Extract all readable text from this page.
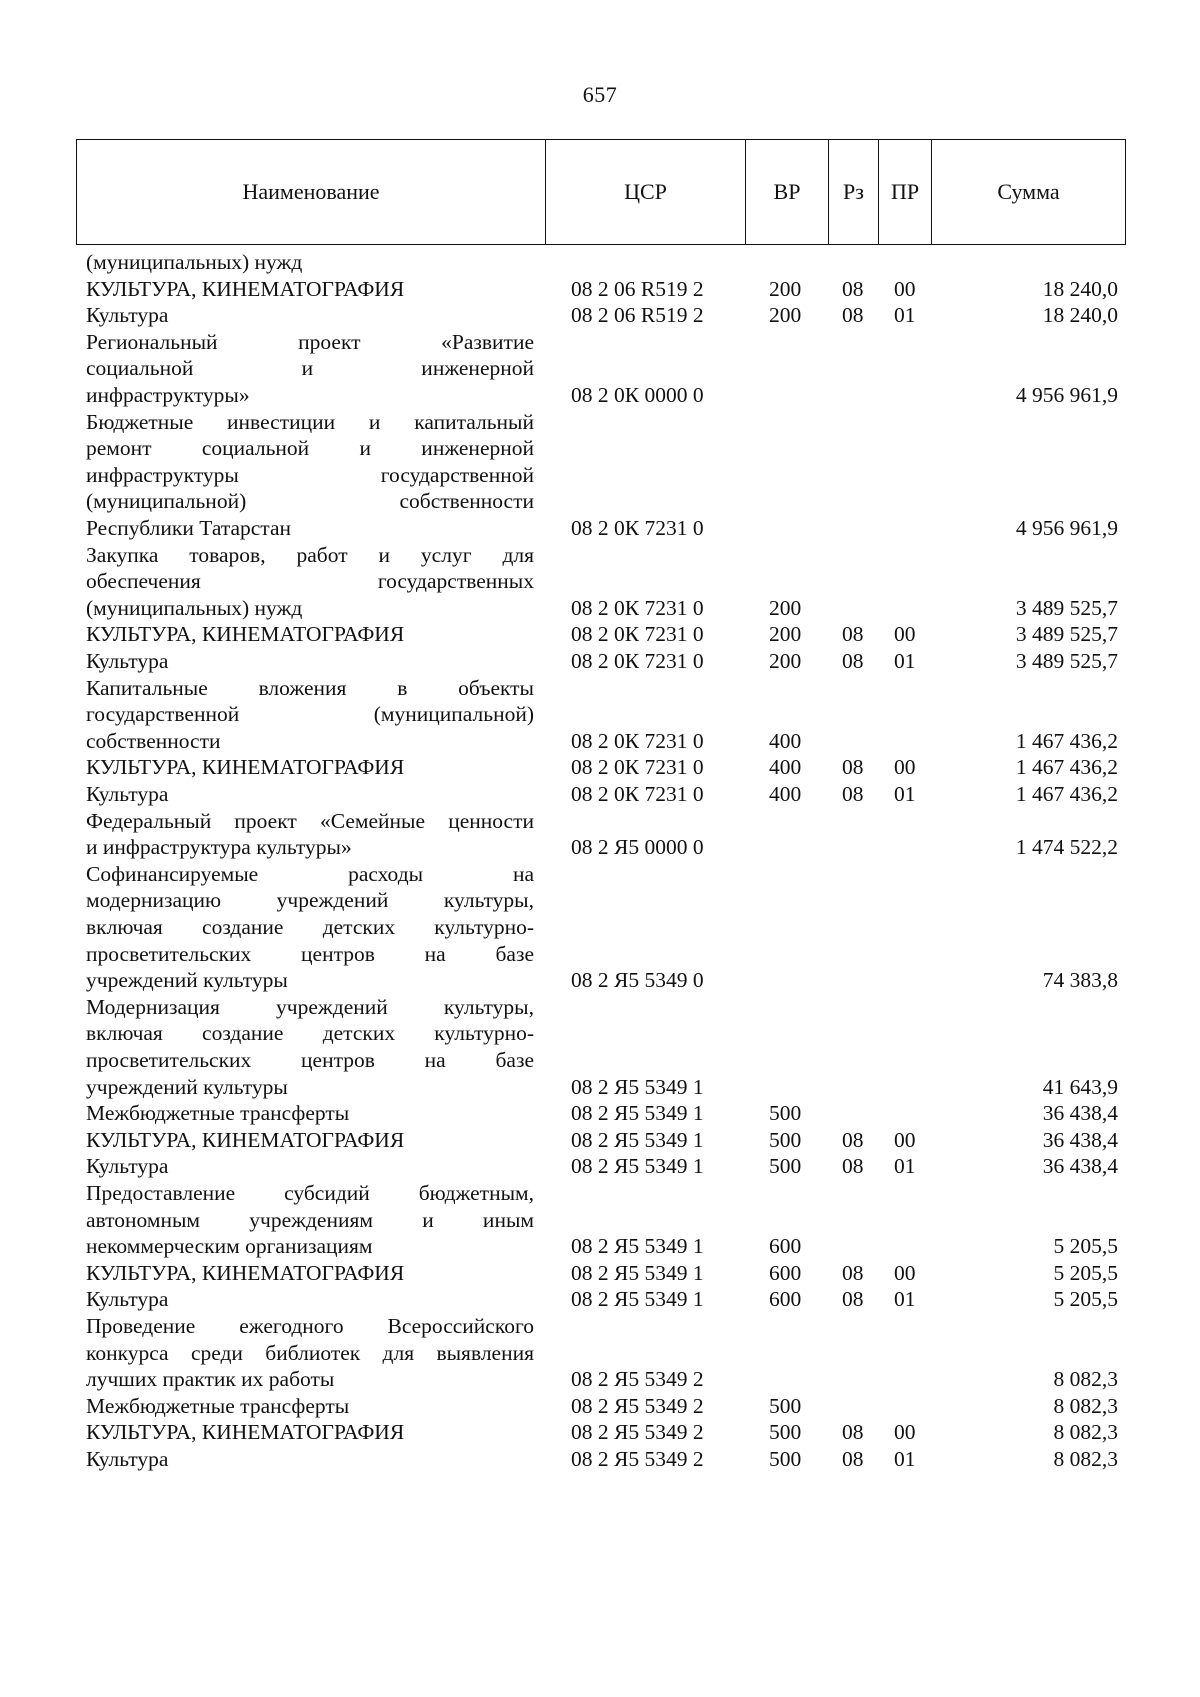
657
Наименование	ЦСР	ВР	Рз	ПР	Сумма
(муниципальных) нужд
КУЛЬТУРА, КИНЕМАТОГРАФИЯ	08 2 06 R519 2	200 08 00	18 240,0
Культура	08 2 06 R519 2	200 08 01	18 240,0
Региональный проект «Развитие
социальной и инженерной
инфраструктуры»	08 2 0К 0000 0	4 956 961,9
Бюджетные инвестиции и капитальный
ремонт социальной и инженерной
инфраструктуры государственной
(муниципальной) собственности
Республики Татарстан	08 2 0К 7231 0	4 956 961,9
Закупка товаров, работ и услуг для
обеспечения государственных
(муниципальных) нужд	08 2 0К 7231 0	200	3 489 525,7
КУЛЬТУРА, КИНЕМАТОГРАФИЯ	08 2 0К 7231 0	200 08 00	3 489 525,7
Культура	08 2 0К 7231 0	200 08 01	3 489 525,7
Капитальные вложения в объекты
государственной (муниципальной)
собственности	08 2 0К 7231 0	400	1 467 436,2
КУЛЬТУРА, КИНЕМАТОГРАФИЯ	08 2 0К 7231 0	400 08 00	1 467 436,2
Культура	08 2 0К 7231 0	400 08 01	1 467 436,2
Федеральный проект «Семейные ценности
и инфраструктура культуры»	08 2 Я5 0000 0	1 474 522,2
Софинансируемые расходы на
модернизацию учреждений культуры,
включая создание детских культурно-
просветительских центров на базе
учреждений культуры	08 2 Я5 5349 0	74 383,8
Модернизация учреждений культуры,
включая создание детских культурно-
просветительских центров на базе
учреждений культуры	08 2 Я5 5349 1	41 643,9
Межбюджетные трансферты	08 2 Я5 5349 1	500	36 438,4
КУЛЬТУРА, КИНЕМАТОГРАФИЯ	08 2 Я5 5349 1	500 08 00	36 438,4
Культура	08 2 Я5 5349 1	500 08 01	36 438,4
Предоставление субсидий бюджетным,
автономным учреждениям и иным
некоммерческим организациям	08 2 Я5 5349 1	600	5 205,5
КУЛЬТУРА, КИНЕМАТОГРАФИЯ	08 2 Я5 5349 1	600 08 00	5 205,5
Культура	08 2 Я5 5349 1	600 08 01	5 205,5
Проведение ежегодного Всероссийского
конкурса среди библиотек для выявления
лучших практик их работы	08 2 Я5 5349 2	8 082,3
Межбюджетные трансферты	08 2 Я5 5349 2	500	8 082,3
КУЛЬТУРА, КИНЕМАТОГРАФИЯ	08 2 Я5 5349 2	500 08 00	8 082,3
Культура	08 2 Я5 5349 2	500 08 01	8 082,3
